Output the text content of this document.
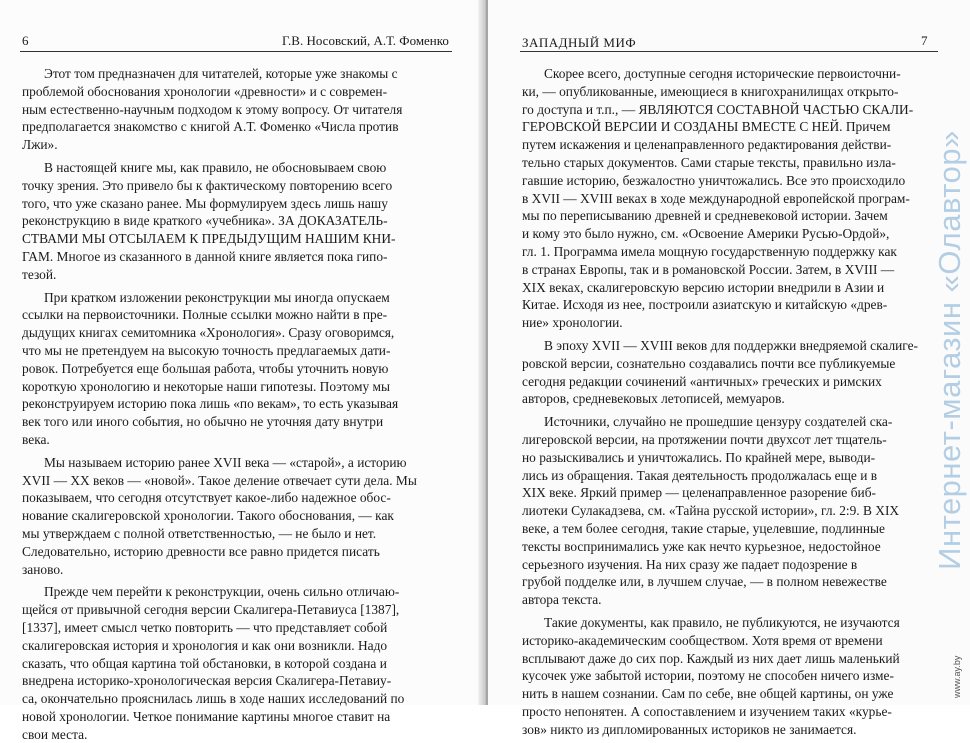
6	Г.В. Носовский, А.Т. Фоменко
Этот том предназначен для читателей, которые уже знакомы с
проблемой обоснования хронологии «древности» и с современ-
ным естественно-научным подходом к этому вопросу. От читателя
предполагается знакомство с книгой А.Т. Фоменко «Числа против
Лжи».
В настоящей книге мы, как правило, не обосновываем свою
точку зрения. Это привело бы к фактическому повторению всего
того, что уже сказано ранее. Мы формулируем здесь лишь нашу
реконструкцию в виде краткого «учебника». ЗА ДОКАЗАТЕЛЬ-
СТВАМИ МЫ ОТСЫЛАЕМ К ПРЕДЫДУЩИМ НАШИМ КНИ-
ГАМ. Многое из сказанного в данной книге является пока гипо-
тезой.
При кратком изложении реконструкции мы иногда опускаем
ссылки на первоисточники. Полные ссылки можно найти в пре-
дыдущих книгах семитомника «Хронология». Сразу оговоримся,
что мы не претендуем на высокую точность предлагаемых дати-
ровок. Потребуется еще большая работа, чтобы уточнить новую
короткую хронологию и некоторые наши гипотезы. Поэтому мы
реконструируем историю пока лишь «по векам», то есть указывая
век того или иного события, но обычно не уточняя дату внутри
века.
Мы называем историю ранее XVII века — «старой», а историю
XVII — XX веков — «новой». Такое деление отвечает сути дела. Мы
показываем, что сегодня отсутствует какое-либо надежное обос-
нование скалигеровской хронологии. Такого обоснования, — как
мы утверждаем с полной ответственностью, — не было и нет.
Следовательно, историю древности все равно придется писать
заново.
Прежде чем перейти к реконструкции, очень сильно отличаю-
щейся от привычной сегодня версии Скалигера-Петавиуса [1387],
[1337], имеет смысл четко повторить — что представляет собой
скалигеровская история и хронология и как они возникли. Надо
сказать, что общая картина той обстановки, в которой создана и
внедрена историко-хронологическая версия Скалигера-Петавиу-
са, окончательно прояснилась лишь в ходе наших исследований по
новой хронологии. Четкое понимание картины многое ставит на
свои места.
ЗАПАДНЫЙ МИФ	7
Скорее всего, доступные сегодня исторические первоисточни-
ки, — опубликованные, имеющиеся в книгохранилищах открыто-
го доступа и т.п., — ЯВЛЯЮТСЯ СОСТАВНОЙ ЧАСТЬЮ СКАЛИ-
ГЕРОВСКОЙ ВЕРСИИ И СОЗДАНЫ ВМЕСТЕ С НЕЙ. Причем
путем искажения и целенаправленного редактирования действи-
тельно старых документов. Сами старые тексты, правильно изла-
гавшие историю, безжалостно уничтожались. Все это происходило
в XVII — XVIII веках в ходе международной европейской програм-
мы по переписыванию древней и средневековой истории. Зачем
и кому это было нужно, см. «Освоение Америки Русью-Ордой»,
гл. 1. Программа имела мощную государственную поддержку как
в странах Европы, так и в романовской России. Затем, в XVIII —
XIX веках, скалигеровскую версию истории внедрили в Азии и
Китае. Исходя из нее, построили азиатскую и китайскую «древ-
ние» хронологии.
В эпоху XVII — XVIII веков для поддержки внедряемой скалиге-
ровской версии, сознательно создавались почти все публикуемые
сегодня редакции сочинений «античных» греческих и римских
авторов, средневековых летописей, мемуаров.
Источники, случайно не прошедшие цензуру создателей ска-
лигеровской версии, на протяжении почти двухсот лет тщатель-
но разыскивались и уничтожались. По крайней мере, выводи-
лись из обращения. Такая деятельность продолжалась еще и в
XIX веке. Яркий пример — целенаправленное разорение биб-
лиотеки Сулакадзева, см. «Тайна русской истории», гл. 2:9. В XIX
веке, а тем более сегодня, такие старые, уцелевшие, подлинные
тексты воспринимались уже как нечто курьезное, недостойное
серьезного изучения. На них сразу же падает подозрение в
грубой подделке или, в лучшем случае, — в полном невежестве
автора текста.
Такие документы, как правило, не публикуются, не изучаются
историко-академическим сообществом. Хотя время от времени
всплывают даже до сих пор. Каждый из них дает лишь маленький
кусочек уже забытой истории, поэтому не способен ничего изме-
нить в нашем сознании. Сам по себе, вне общей картины, он уже
просто непонятен. А сопоставлением и изучением таких «курье-
зов» никто из дипломированных историков не занимается.
Интернет-магазин «Олавтор»
www.ay.by
